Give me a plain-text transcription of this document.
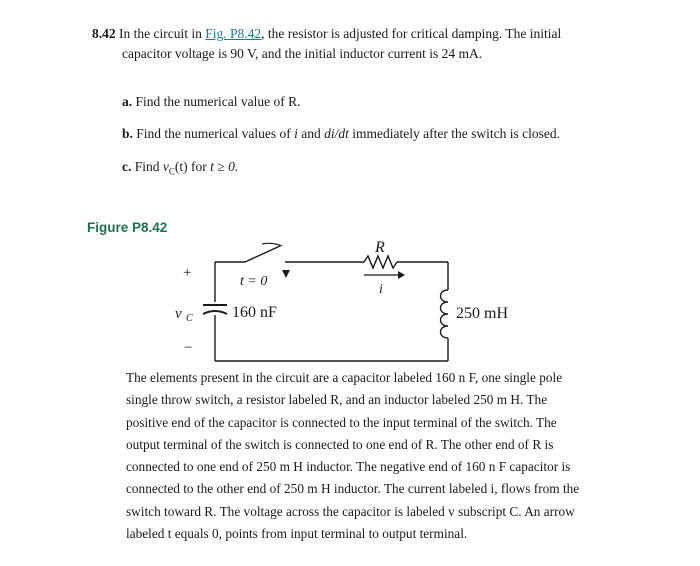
8.42 In the circuit in Fig. P8.42, the resistor is adjusted for critical damping. The initial
capacitor voltage is 90 V, and the initial inductor current is 24 mA.
a. Find the numerical value of R.
b. Find the numerical values of i and di/dt immediately after the switch is closed.
c. Find $v_C(t)$ for t ≥ 0.
Figure P8.42
R
i
t = 0
+
−
v C 160 nF	250 mH

The elements present in the circuit are a capacitor labeled 160 n F, one single pole single throw switch, a resistor labeled R, and an inductor labeled 250 m H. The positive end of the capacitor is connected to the input terminal of the switch. The output terminal of the switch is connected to one end of R. The other end of R is connected to one end of 250 m H inductor. The negative end of 160 n F capacitor is connected to the other end of 250 m H inductor. The current labeled i, flows from the switch toward R. The voltage across the capacitor is labeled v subscript C. An arrow labeled t equals 0, points from input terminal to output terminal.
